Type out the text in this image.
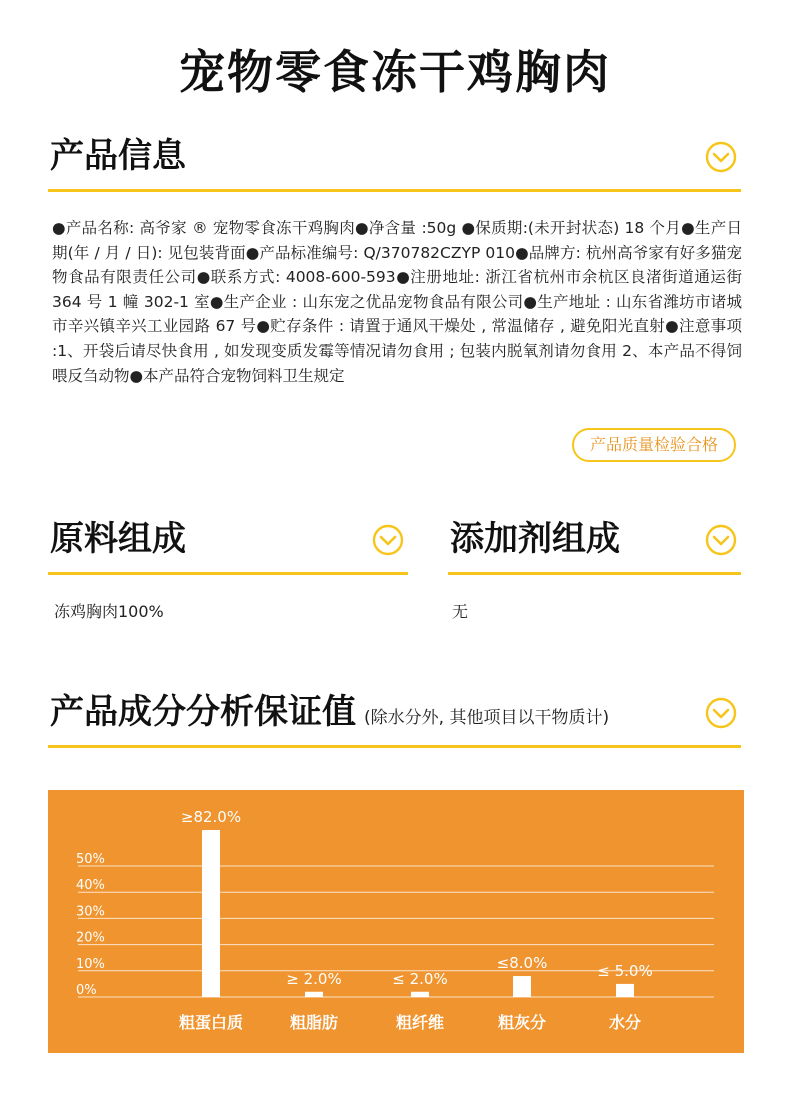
宠物零食冻干鸡胸肉
产品信息
●产品名称: 高爷家 ® 宠物零食冻干鸡胸肉●净含量 :50g ●保质期:(未开封状态) 18 个月●生产日期(年 / 月 / 日): 见包装背面●产品标准编号: Q/370782CZYP 010●品牌方: 杭州高爷家有好多猫宠物食品有限责任公司●联系方式: 4008-600-593●注册地址: 浙江省杭州市余杭区良渚街道通运街 364 号 1 幢 302-1 室●生产企业 : 山东宠之优品宠物食品有限公司●生产地址 : 山东省潍坊市诸城市辛兴镇辛兴工业园路 67 号●贮存条件 : 请置于通风干燥处 , 常温储存 , 避免阳光直射●注意事项 :1、开袋后请尽快食用 , 如发现变质发霉等情况请勿食用 ; 包装内脱氧剂请勿食用 2、本产品不得饲喂反刍动物●本产品符合宠物饲料卫生规定
产品质量检验合格
原料组成
冻鸡胸肉100%
添加剂组成
无
产品成分分析保证值 (除水分外, 其他项目以干物质计)
0%
10%
20%
30%
40%
50%
≥82.0%
粗蛋白质
≥ 2.0%
粗脂肪
≤ 2.0%
粗纤维
≤8.0%
粗灰分
≤ 5.0%
水分
